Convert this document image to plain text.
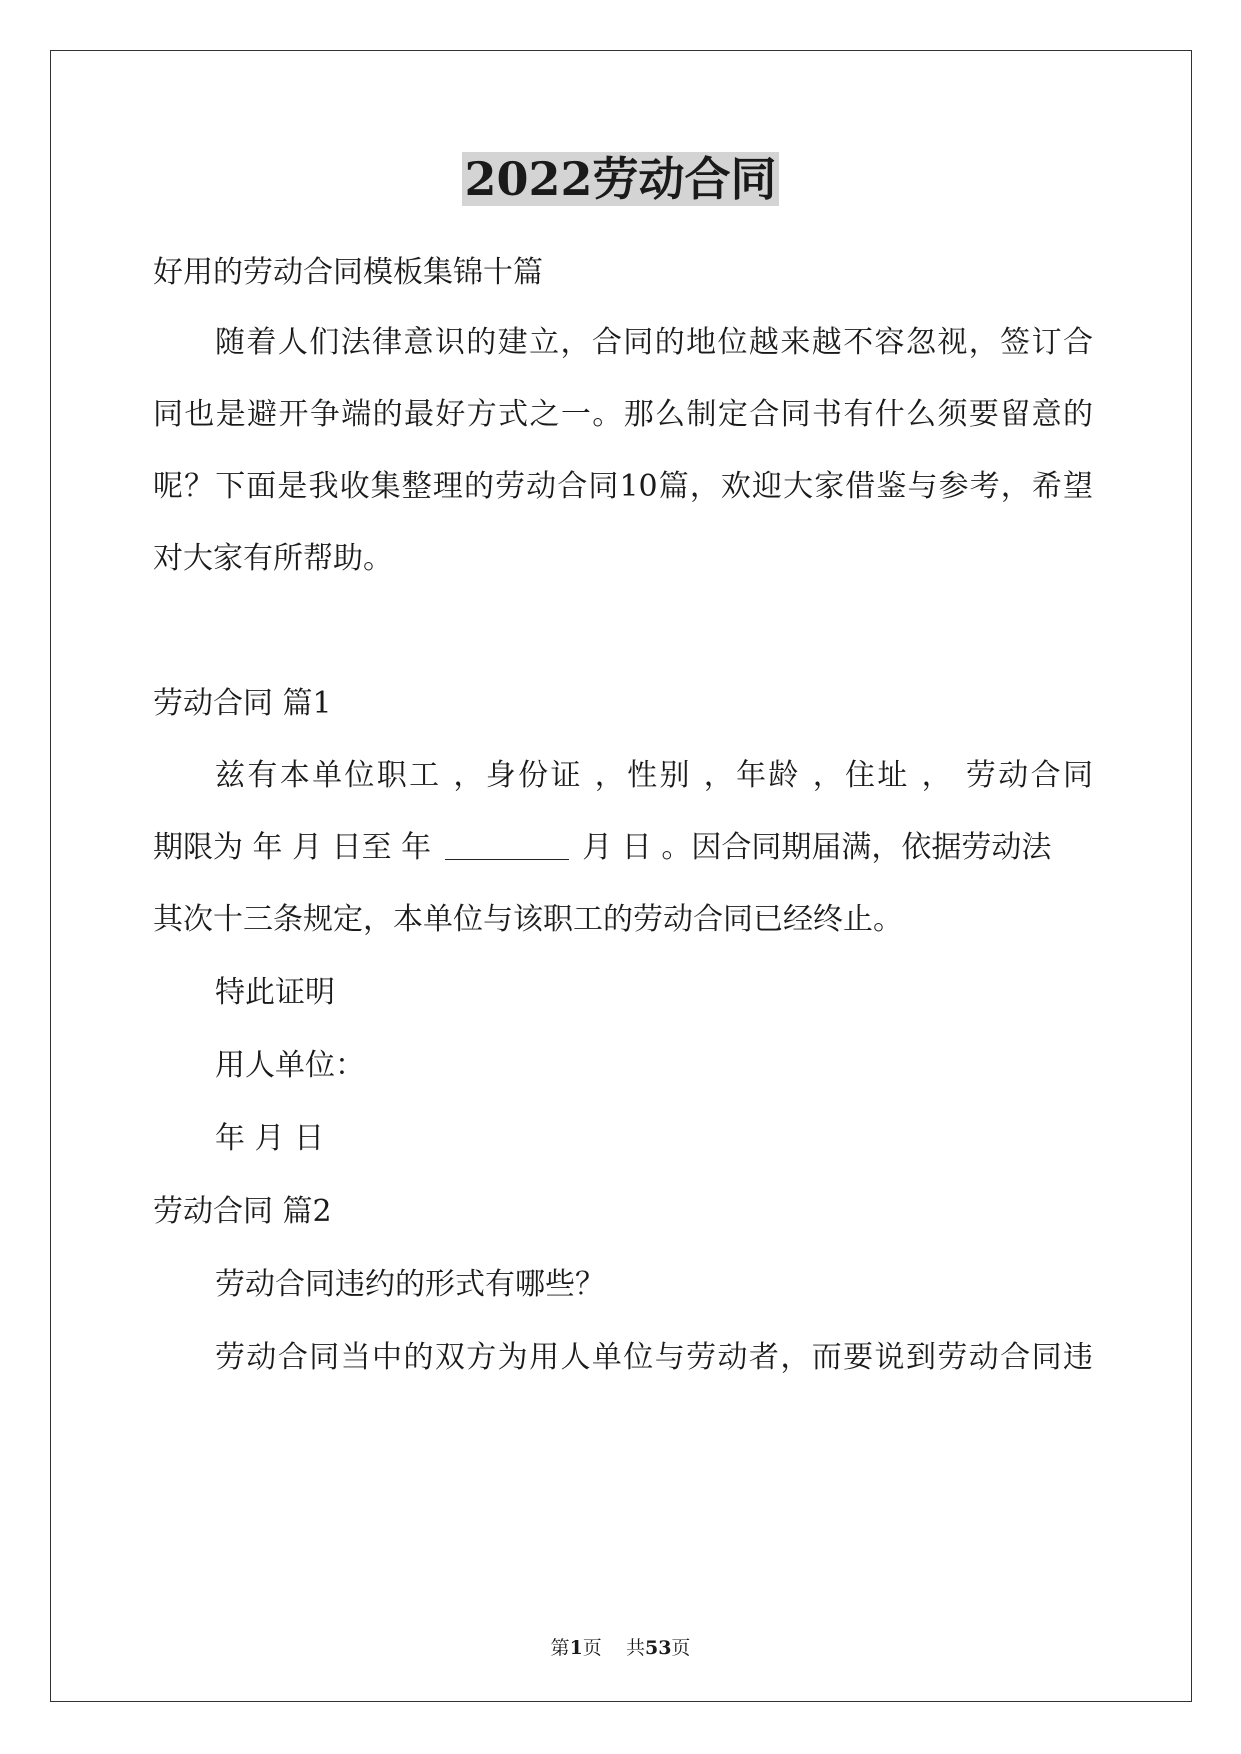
2022劳动合同
好用的劳动合同模板集锦十篇
随着人们法律意识的建立，合同的地位越来越不容忽视，签订合
同也是避开争端的最好方式之一。那么制定合同书有什么须要留意的
呢？下面是我收集整理的劳动合同10篇，欢迎大家借鉴与参考，希望
对大家有所帮助。
劳动合同 篇1
兹有本单位职工 ，身份证 ，性别 ，年龄 ，住址 ， 劳动合同
期限为 年 月 日至 年	月 日 。因合同期届满，依据劳动法
其次十三条规定，本单位与该职工的劳动合同已经终止。
特此证明
用人单位：
年 月 日
劳动合同 篇2
劳动合同违约的形式有哪些？
劳动合同当中的双方为用人单位与劳动者，而要说到劳动合同违
第1页    共53页
